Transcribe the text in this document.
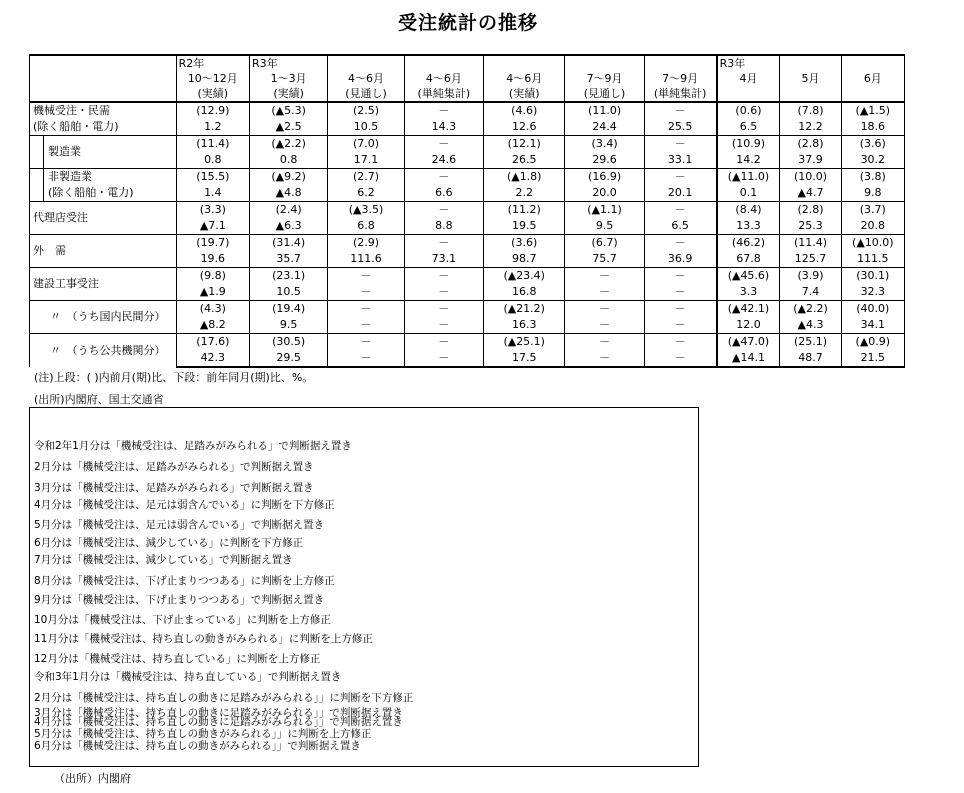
受注統計の推移
	R2年	R3年						R3年		
	10～12月	1～3月	4～6月	4～6月	4～6月	7～9月	7～9月	4月	5月	6月
	(実績)	(実績)	(見通し)	(単純集計)	(実績)	(見通し)	(単純集計)			
機械受注・民需	(12.9)	(▲5.3)	(2.5)	－	(4.6)	(11.0)	－	(0.6)	(7.8)	(▲1.5)
(除く船舶・電力)	1.2	▲2.5	10.5	14.3	12.6	24.4	25.5	6.5	12.2	18.6
製造業	(11.4)	(▲2.2)	(7.0)	－	(12.1)	(3.4)	－	(10.9)	(2.8)	(3.6)
	0.8	0.8	17.1	24.6	26.5	29.6	33.1	14.2	37.9	30.2
非製造業	(15.5)	(▲9.2)	(2.7)	－	(▲1.8)	(16.9)	－	(▲11.0)	(10.0)	(3.8)
(除く船舶・電力)	1.4	▲4.8	6.2	6.6	2.2	20.0	20.1	0.1	▲4.7	9.8
代理店受注	(3.3)	(2.4)	(▲3.5)	－	(11.2)	(▲1.1)	－	(8.4)	(2.8)	(3.7)
	▲7.1	▲6.3	6.8	8.8	19.5	9.5	6.5	13.3	25.3	20.8
外　需	(19.7)	(31.4)	(2.9)	－	(3.6)	(6.7)	－	(46.2)	(11.4)	(▲10.0)
	19.6	35.7	111.6	73.1	98.7	75.7	36.9	67.8	125.7	111.5
建設工事受注	(9.8)	(23.1)	－	－	(▲23.4)	－	－	(▲45.6)	(3.9)	(30.1)
	▲1.9	10.5	－	－	16.8	－	－	3.3	7.4	32.3
〃　（うち国内民間分）	(4.3)	(19.4)	－	－	(▲21.2)	－	－	(▲42.1)	(▲2.2)	(40.0)
	▲8.2	9.5	－	－	16.3	－	－	12.0	▲4.3	34.1
〃　（うち公共機関分）	(17.6)	(30.5)	－	－	(▲25.1)	－	－	(▲47.0)	(25.1)	(▲0.9)
	42.3	29.5	－	－	17.5	－	－	▲14.1	48.7	21.5
(注)上段：( )内前月(期)比、下段：前年同月(期)比、%。
(出所)内閣府、国土交通省
令和2年1月分は「機械受注は、足踏みがみられる」で判断据え置き
2月分は「機械受注は、足踏みがみられる」で判断据え置き
3月分は「機械受注は、足踏みがみられる」で判断据え置き
4月分は「機械受注は、足元は弱含んでいる」に判断を下方修正
5月分は「機械受注は、足元は弱含んでいる」で判断据え置き
6月分は「機械受注は、減少している」に判断を下方修正
7月分は「機械受注は、減少している」で判断据え置き
8月分は「機械受注は、下げ止まりつつある」に判断を上方修正
9月分は「機械受注は、下げ止まりつつある」で判断据え置き
10月分は「機械受注は、下げ止まっている」に判断を上方修正
11月分は「機械受注は、持ち直しの動きがみられる」に判断を上方修正
12月分は「機械受注は、持ち直している」に判断を上方修正
令和3年1月分は「機械受注は、持ち直している」で判断据え置き
2月分は「機械受注は、持ち直しの動きに足踏みがみられる」」に判断を下方修正
3月分は「機械受注は、持ち直しの動きに足踏みがみられる」」で判断据え置き
4月分は「機械受注は、持ち直しの動きに足踏みがみられる」」で判断据え置き
5月分は「機械受注は、持ち直しの動きがみられる」」に判断を上方修正
6月分は「機械受注は、持ち直しの動きがみられる」」で判断据え置き
（出所）内閣府
